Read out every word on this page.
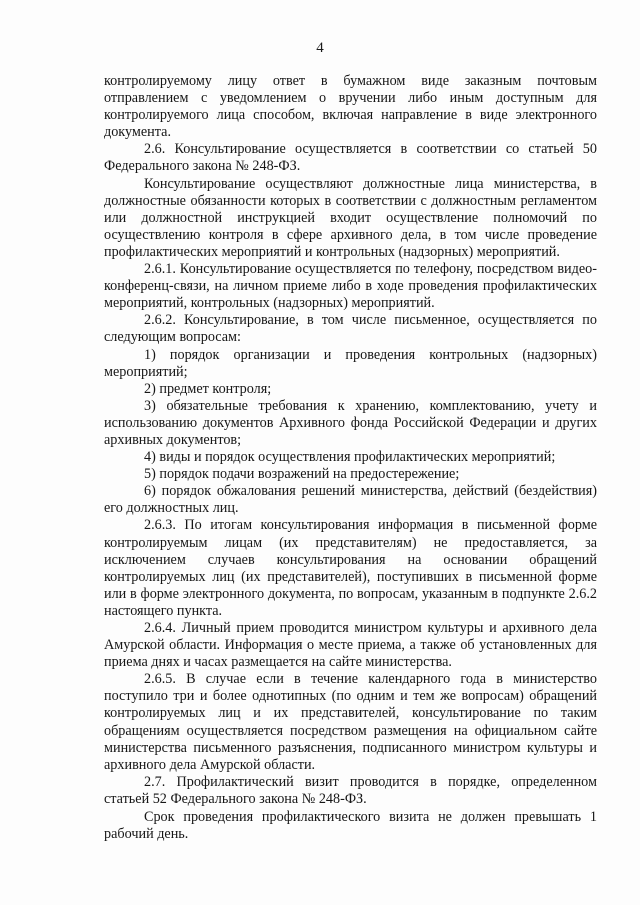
4

контролируемому лицу ответ в бумажном виде заказным почтовым отправлением с уведомлением о вручении либо иным доступным для контролируемого лица способом, включая направление в виде электронного документа.

2.6. Консультирование осуществляется в соответствии со статьей 50 Федерального закона № 248-ФЗ.

Консультирование осуществляют должностные лица министерства, в должностные обязанности которых в соответствии с должностным регламентом или должностной инструкцией входит осуществление полномочий по осуществлению контроля в сфере архивного дела, в том числе проведение профилактических мероприятий и контрольных (надзорных) мероприятий.

2.6.1. Консультирование осуществляется по телефону, посредством видео-конференц-связи, на личном приеме либо в ходе проведения профилактических мероприятий, контрольных (надзорных) мероприятий.

2.6.2. Консультирование, в том числе письменное, осуществляется по следующим вопросам:

1) порядок организации и проведения контрольных (надзорных) мероприятий;

2) предмет контроля;

3) обязательные требования к хранению, комплектованию, учету и использованию документов Архивного фонда Российской Федерации и других архивных документов;

4) виды и порядок осуществления профилактических мероприятий;

5) порядок подачи возражений на предостережение;

6) порядок обжалования решений министерства, действий (бездействия) его должностных лиц.

2.6.3. По итогам консультирования информация в письменной форме контролируемым лицам (их представителям) не предоставляется, за исключением случаев консультирования на основании обращений контролируемых лиц (их представителей), поступивших в письменной форме или в форме электронного документа, по вопросам, указанным в подпункте 2.6.2 настоящего пункта.

2.6.4. Личный прием проводится министром культуры и архивного дела Амурской области. Информация о месте приема, а также об установленных для приема днях и часах размещается на сайте министерства.

2.6.5. В случае если в течение календарного года в министерство поступило три и более однотипных (по одним и тем же вопросам) обращений контролируемых лиц и их представителей, консультирование по таким обращениям осуществляется посредством размещения на официальном сайте министерства письменного разъяснения, подписанного министром культуры и архивного дела Амурской области.

2.7. Профилактический визит проводится в порядке, определенном статьей 52 Федерального закона № 248-ФЗ.

Срок проведения профилактического визита не должен превышать 1 рабочий день.
